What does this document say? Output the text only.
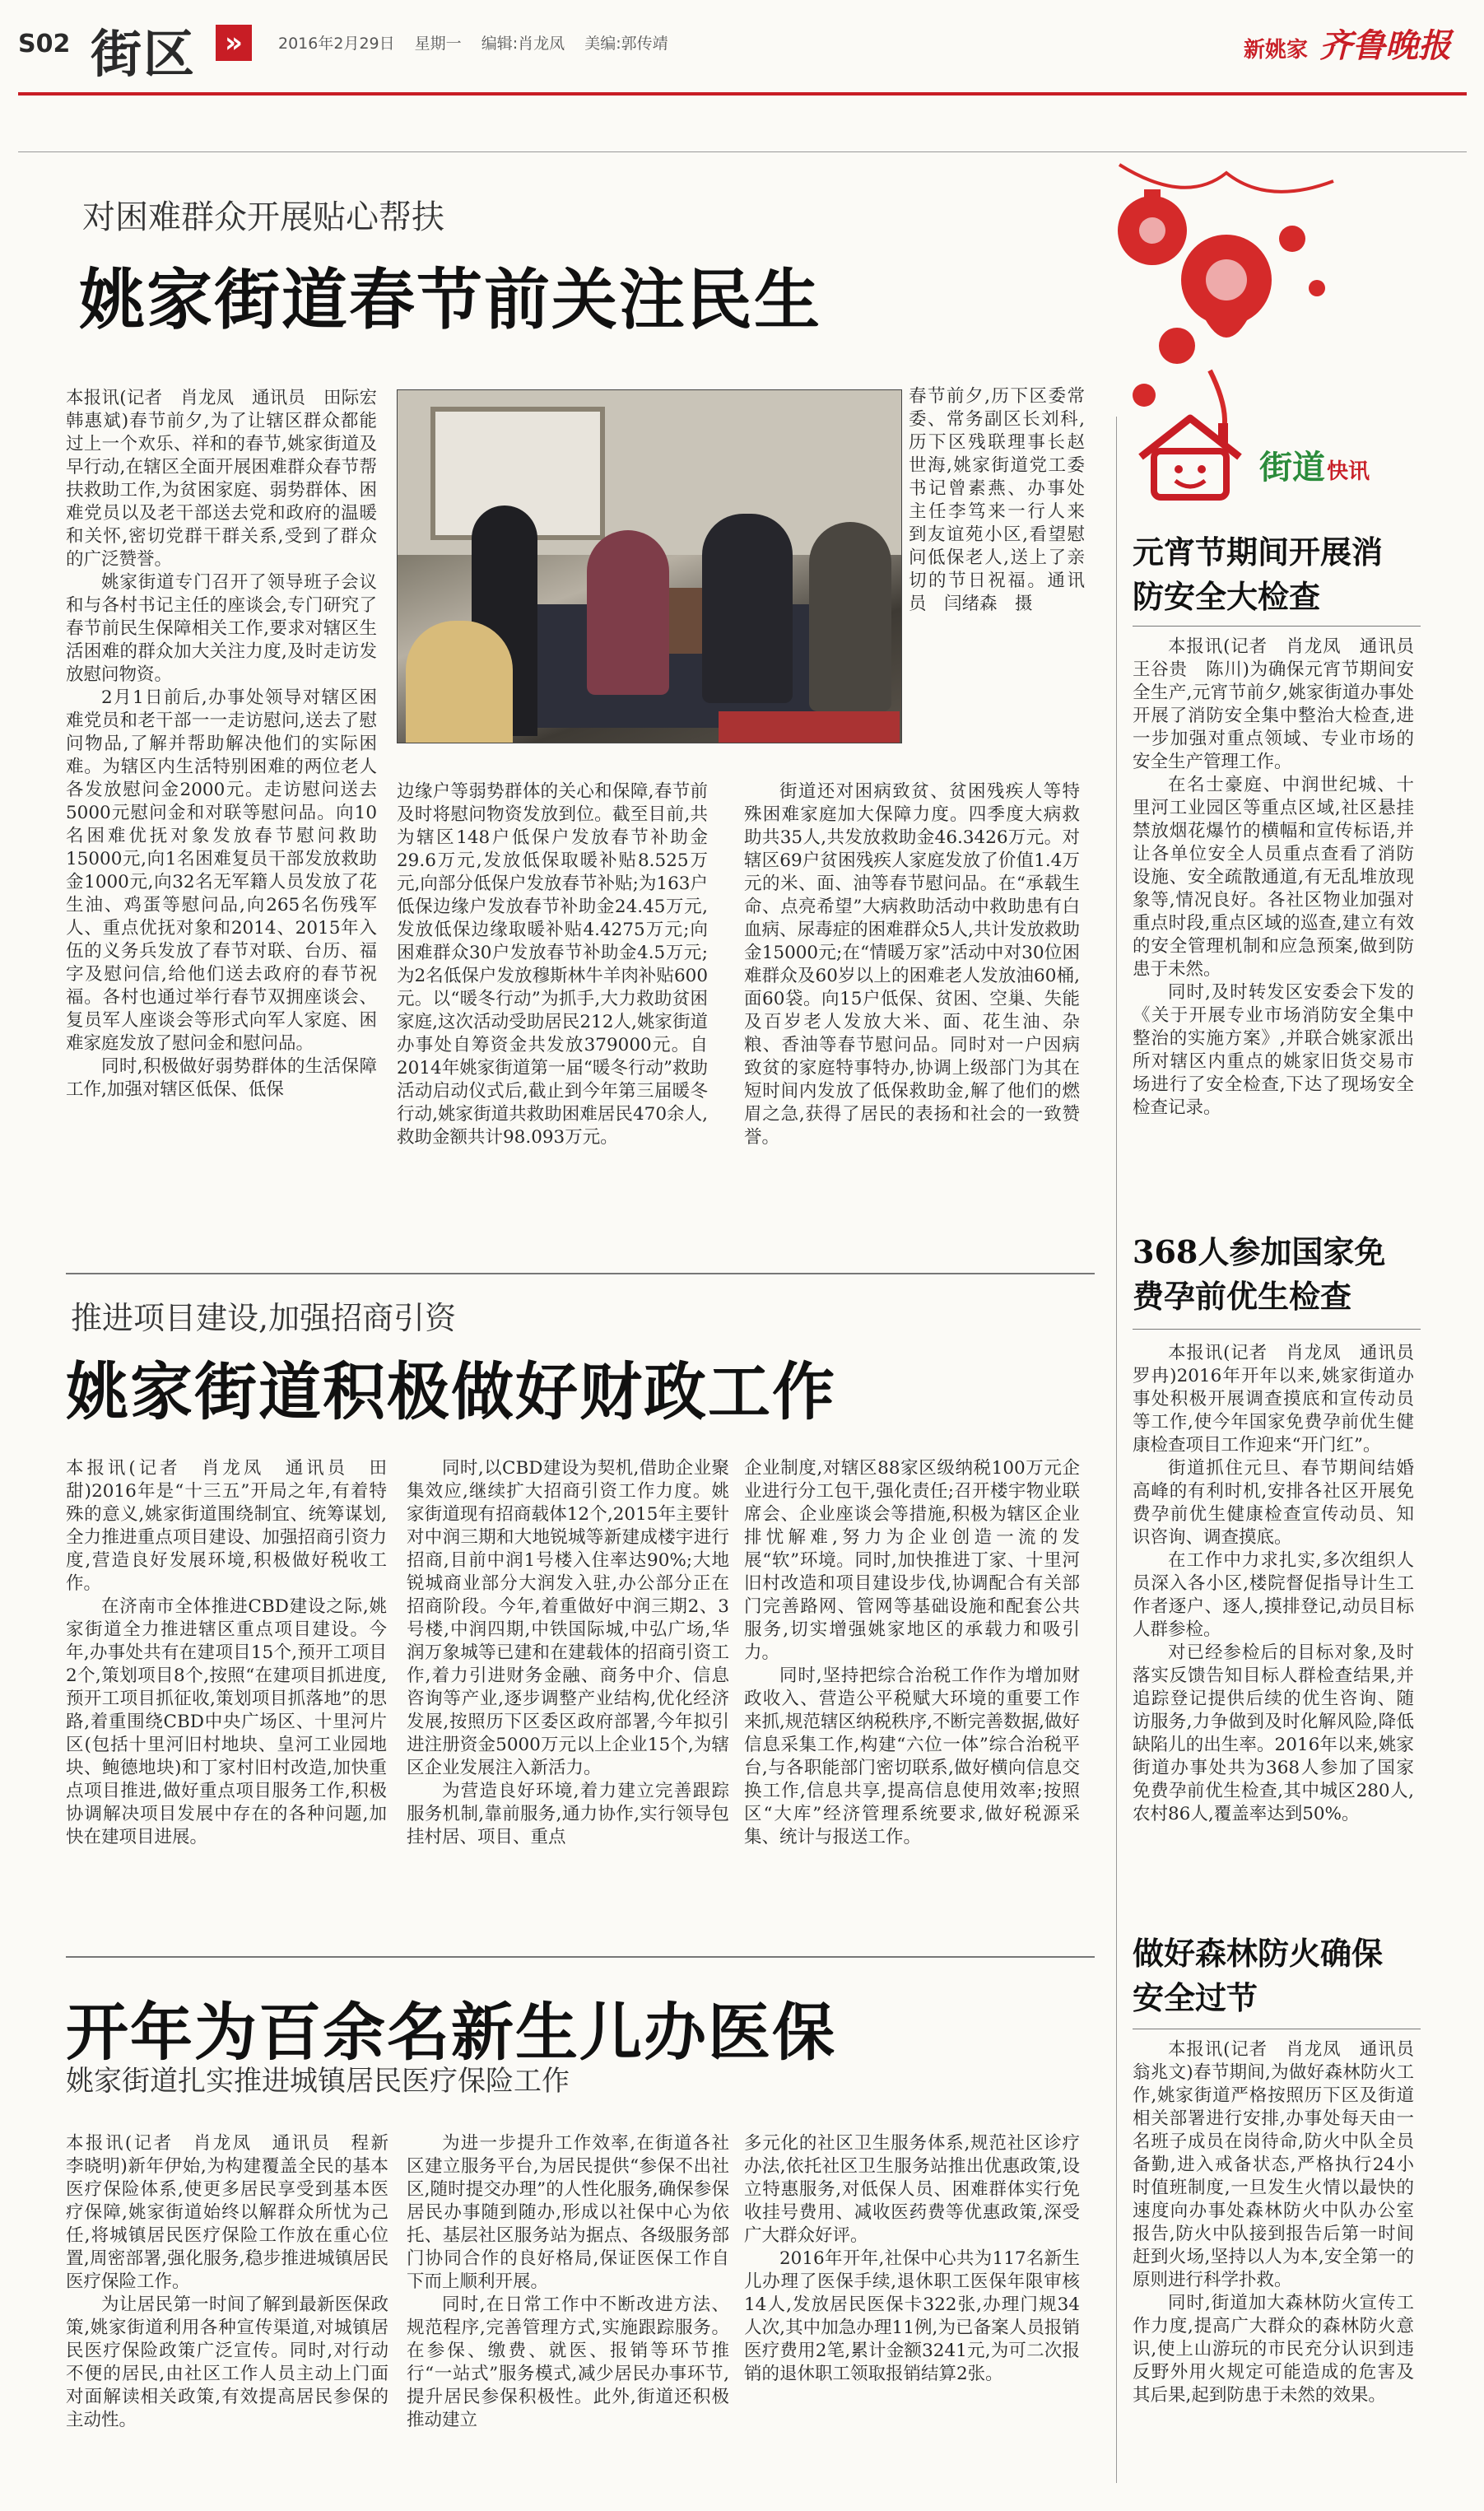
S02 街区	»	2016年2月29日 星期一 编辑:肖龙凤 美编:郭传靖	新姚家 齐鲁晚报
对困难群众开展贴心帮扶
姚家街道春节前关注民生

本报讯(记者　肖龙凤　通讯员　田际宏　韩惠斌)春节前夕,为了让辖区群众都能过上一个欢乐、祥和的春节,姚家街道及早行动,在辖区全面开展困难群众春节帮扶救助工作,为贫困家庭、弱势群体、困难党员以及老干部送去党和政府的温暖和关怀,密切党群干群关系,受到了群众的广泛赞誉。

姚家街道专门召开了领导班子会议和与各村书记主任的座谈会,专门研究了春节前民生保障相关工作,要求对辖区生活困难的群众加大关注力度,及时走访发放慰问物资。

2月1日前后,办事处领导对辖区困难党员和老干部一一走访慰问,送去了慰问物品,了解并帮助解决他们的实际困难。为辖区内生活特别困难的两位老人各发放慰问金2000元。走访慰问送去5000元慰问金和对联等慰问品。向10名困难优抚对象发放春节慰问救助15000元,向1名困难复员干部发放救助金1000元,向32名无军籍人员发放了花生油、鸡蛋等慰问品,向265名伤残军人、重点优抚对象和2014、2015年入伍的义务兵发放了春节对联、台历、福字及慰问信,给他们送去政府的春节祝福。各村也通过举行春节双拥座谈会、复员军人座谈会等形式向军人家庭、困难家庭发放了慰问金和慰问品。

同时,积极做好弱势群体的生活保障工作,加强对辖区低保、低保

春节前夕,历下区委常委、常务副区长刘科,历下区残联理事长赵世海,姚家街道党工委书记曾素燕、办事处主任李笃来一行人来到友谊苑小区,看望慰问低保老人,送上了亲切的节日祝福。通讯员　闫绪森　摄

边缘户等弱势群体的关心和保障,春节前及时将慰问物资发放到位。截至目前,共为辖区148户低保户发放春节补助金29.6万元,发放低保取暖补贴8.525万元,向部分低保户发放春节补贴;为163户低保边缘户发放春节补助金24.45万元,发放低保边缘取暖补贴4.4275万元;向困难群众30户发放春节补助金4.5万元;为2名低保户发放穆斯林牛羊肉补贴600元。以“暖冬行动”为抓手,大力救助贫困家庭,这次活动受助居民212人,姚家街道办事处自筹资金共发放379000元。自2014年姚家街道第一届“暖冬行动”救助活动启动仪式后,截止到今年第三届暖冬行动,姚家街道共救助困难居民470余人,救助金额共计98.093万元。

街道还对困病致贫、贫困残疾人等特殊困难家庭加大保障力度。四季度大病救助共35人,共发放救助金46.3426万元。对辖区69户贫困残疾人家庭发放了价值1.4万元的米、面、油等春节慰问品。在“承载生命、点亮希望”大病救助活动中救助患有白血病、尿毒症的困难群众5人,共计发放救助金15000元;在“情暖万家”活动中对30位困难群众及60岁以上的困难老人发放油60桶,面60袋。向15户低保、贫困、空巢、失能及百岁老人发放大米、面、花生油、杂粮、香油等春节慰问品。同时对一户因病致贫的家庭特事特办,协调上级部门为其在短时间内发放了低保救助金,解了他们的燃眉之急,获得了居民的表扬和社会的一致赞誉。

推进项目建设,加强招商引资
姚家街道积极做好财政工作

本报讯(记者　肖龙凤　通讯员　田甜)2016年是“十三五”开局之年,有着特殊的意义,姚家街道围绕制宜、统筹谋划,全力推进重点项目建设、加强招商引资力度,营造良好发展环境,积极做好税收工作。

在济南市全体推进CBD建设之际,姚家街道全力推进辖区重点项目建设。今年,办事处共有在建项目15个,预开工项目2个,策划项目8个,按照“在建项目抓进度,预开工项目抓征收,策划项目抓落地”的思路,着重围绕CBD中央广场区、十里河片区(包括十里河旧村地块、皇河工业园地块、鲍德地块)和丁家村旧村改造,加快重点项目推进,做好重点项目服务工作,积极协调解决项目发展中存在的各种问题,加快在建项目进展。

同时,以CBD建设为契机,借助企业聚集效应,继续扩大招商引资工作力度。姚家街道现有招商载体12个,2015年主要针对中润三期和大地锐城等新建成楼宇进行招商,目前中润1号楼入住率达90%;大地锐城商业部分大润发入驻,办公部分正在招商阶段。今年,着重做好中润三期2、3号楼,中润四期,中铁国际城,中弘广场,华润万象城等已建和在建载体的招商引资工作,着力引进财务金融、商务中介、信息咨询等产业,逐步调整产业结构,优化经济发展,按照历下区委区政府部署,今年拟引进注册资金5000万元以上企业15个,为辖区企业发展注入新活力。

为营造良好环境,着力建立完善跟踪服务机制,靠前服务,通力协作,实行领导包挂村居、项目、重点

企业制度,对辖区88家区级纳税100万元企业进行分工包干,强化责任;召开楼宇物业联席会、企业座谈会等措施,积极为辖区企业排忧解难,努力为企业创造一流的发展“软”环境。同时,加快推进丁家、十里河旧村改造和项目建设步伐,协调配合有关部门完善路网、管网等基础设施和配套公共服务,切实增强姚家地区的承载力和吸引力。

同时,坚持把综合治税工作作为增加财政收入、营造公平税赋大环境的重要工作来抓,规范辖区纳税秩序,不断完善数据,做好信息采集工作,构建“六位一体”综合治税平台,与各职能部门密切联系,做好横向信息交换工作,信息共享,提高信息使用效率;按照区“大库”经济管理系统要求,做好税源采集、统计与报送工作。

开年为百余名新生儿办医保
姚家街道扎实推进城镇居民医疗保险工作

本报讯(记者　肖龙凤　通讯员　程新　李晓明)新年伊始,为构建覆盖全民的基本医疗保险体系,使更多居民享受到基本医疗保障,姚家街道始终以解群众所忧为己任,将城镇居民医疗保险工作放在重心位置,周密部署,强化服务,稳步推进城镇居民医疗保险工作。

为让居民第一时间了解到最新医保政策,姚家街道利用各种宣传渠道,对城镇居民医疗保险政策广泛宣传。同时,对行动不便的居民,由社区工作人员主动上门面对面解读相关政策,有效提高居民参保的主动性。

为进一步提升工作效率,在街道各社区建立服务平台,为居民提供“参保不出社区,随时提交办理”的人性化服务,确保参保居民办事随到随办,形成以社保中心为依托、基层社区服务站为据点、各级服务部门协同合作的良好格局,保证医保工作自下而上顺利开展。

同时,在日常工作中不断改进方法、规范程序,完善管理方式,实施跟踪服务。在参保、缴费、就医、报销等环节推行“一站式”服务模式,减少居民办事环节,提升居民参保积极性。此外,街道还积极推动建立

多元化的社区卫生服务体系,规范社区诊疗办法,依托社区卫生服务站推出优惠政策,设立特惠服务,对低保人员、困难群体实行免收挂号费用、减收医药费等优惠政策,深受广大群众好评。

2016年开年,社保中心共为117名新生儿办理了医保手续,退休职工医保年限审核14人,发放居民医保卡322张,办理门规34人次,其中加急办理11例,为已备案人员报销医疗费用2笔,累计金额3241元,为可二次报销的退休职工领取报销结算2张。

街道快讯
元宵节期间开展消防安全大检查

本报讯(记者　肖龙凤　通讯员　王谷贵　陈川)为确保元宵节期间安全生产,元宵节前夕,姚家街道办事处开展了消防安全集中整治大检查,进一步加强对重点领域、专业市场的安全生产管理工作。

在名士豪庭、中润世纪城、十里河工业园区等重点区域,社区悬挂禁放烟花爆竹的横幅和宣传标语,并让各单位安全人员重点查看了消防设施、安全疏散通道,有无乱堆放现象等,情况良好。各社区物业加强对重点时段,重点区域的巡查,建立有效的安全管理机制和应急预案,做到防患于未然。

同时,及时转发区安委会下发的《关于开展专业市场消防安全集中整治的实施方案》,并联合姚家派出所对辖区内重点的姚家旧货交易市场进行了安全检查,下达了现场安全检查记录。

368人参加国家免费孕前优生检查

本报讯(记者　肖龙凤　通讯员　罗冉)2016年开年以来,姚家街道办事处积极开展调查摸底和宣传动员等工作,使今年国家免费孕前优生健康检查项目工作迎来“开门红”。

街道抓住元旦、春节期间结婚高峰的有利时机,安排各社区开展免费孕前优生健康检查宣传动员、知识咨询、调查摸底。

在工作中力求扎实,多次组织人员深入各小区,楼院督促指导计生工作者逐户、逐人,摸排登记,动员目标人群参检。

对已经参检后的目标对象,及时落实反馈告知目标人群检查结果,并追踪登记提供后续的优生咨询、随访服务,力争做到及时化解风险,降低缺陷儿的出生率。2016年以来,姚家街道办事处共为368人参加了国家免费孕前优生检查,其中城区280人,农村86人,覆盖率达到50%。

做好森林防火确保安全过节

本报讯(记者　肖龙凤　通讯员　翁兆文)春节期间,为做好森林防火工作,姚家街道严格按照历下区及街道相关部署进行安排,办事处每天由一名班子成员在岗待命,防火中队全员备勤,进入戒备状态,严格执行24小时值班制度,一旦发生火情以最快的速度向办事处森林防火中队办公室报告,防火中队接到报告后第一时间赶到火场,坚持以人为本,安全第一的原则进行科学扑救。

同时,街道加大森林防火宣传工作力度,提高广大群众的森林防火意识,使上山游玩的市民充分认识到违反野外用火规定可能造成的危害及其后果,起到防患于未然的效果。
